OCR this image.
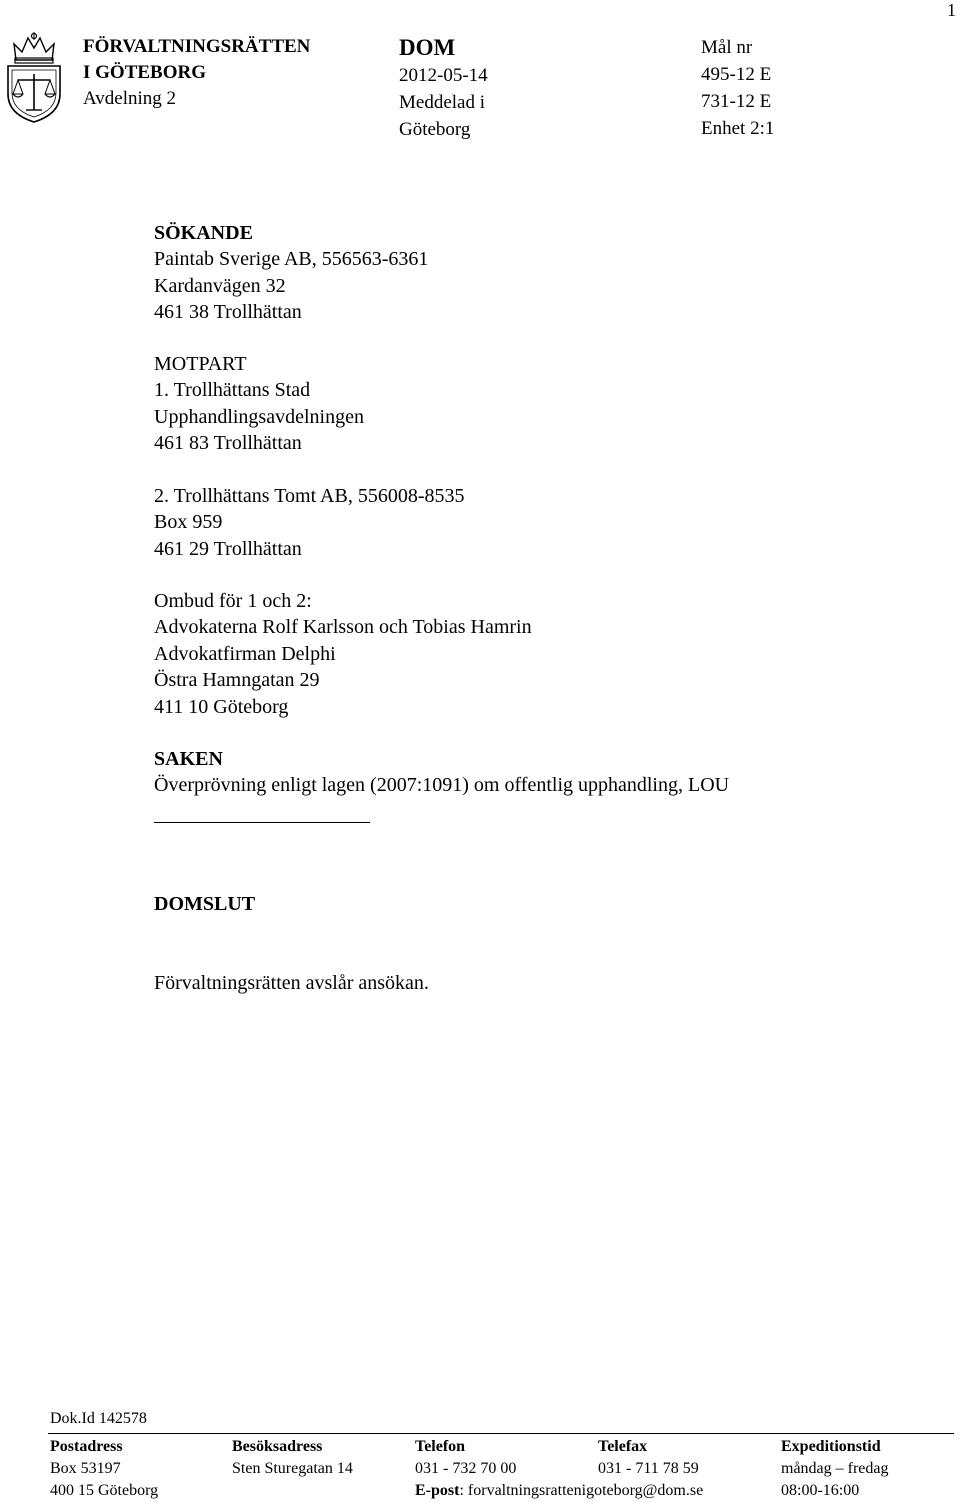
1
FÖRVALTNINGSRÄTTEN
I GÖTEBORG
Avdelning 2
DOM
2012-05-14
Meddelad i
Göteborg
Mål nr
495-12 E
731-12 E
Enhet 2:1
SÖKANDE
Paintab Sverige AB, 556563-6361
Kardanvägen 32
461 38 Trollhättan
MOTPART
1. Trollhättans Stad
Upphandlingsavdelningen
461 83 Trollhättan
2. Trollhättans Tomt AB, 556008-8535
Box 959
461 29 Trollhättan
Ombud för 1 och 2:
Advokaterna Rolf Karlsson och Tobias Hamrin
Advokatfirman Delphi
Östra Hamngatan 29
411 10 Göteborg
SAKEN
Överprövning enligt lagen (2007:1091) om offentlig upphandling, LOU
DOMSLUT
Förvaltningsrätten avslår ansökan.
Dok.Id 142578
Postadress
Box 53197
400 15 Göteborg
Besöksadress
Sten Sturegatan 14
Telefon
031 - 732 70 00
Telefax
031 - 711 78 59
E-post: forvaltningsrattenigoteborg@dom.se
Expeditionstid
måndag – fredag
08:00-16:00
